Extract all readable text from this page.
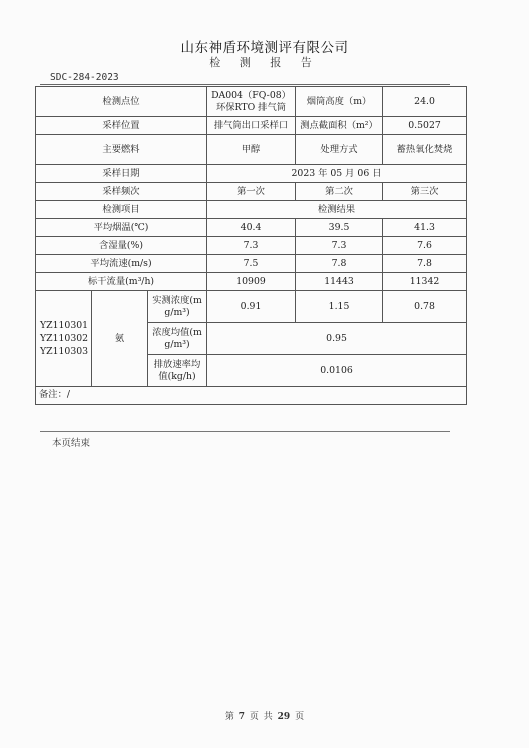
山东神盾环境测评有限公司
检 测 报 告
SDC-284-2023
检测点位			DA004（FQ-08）环保RTO 排气筒	烟筒高度（m）	24.0
采样位置			排气筒出口采样口	测点截面积（m²）	0.5027
主要燃料			甲醇	处理方式	蓄热氧化焚烧
采样日期			2023 年 05 月 06 日		
采样频次			第一次	第二次	第三次
检测项目			检测结果		
平均烟温(℃)			40.4	39.5	41.3
含湿量(%)			7.3	7.3	7.6
平均流速(m/s)			7.5	7.8	7.8
标干流量(m³/h)			10909	11443	11342

YZ110301
YZ110302
YZ110303	氨	实测浓度(mg/m³)	0.91	1.15	0.78
		浓度均值(mg/m³)	0.95		
		排放速率均值(kg/h)	0.0106		
备注：/					
本页结束
第 7 页 共 29 页
